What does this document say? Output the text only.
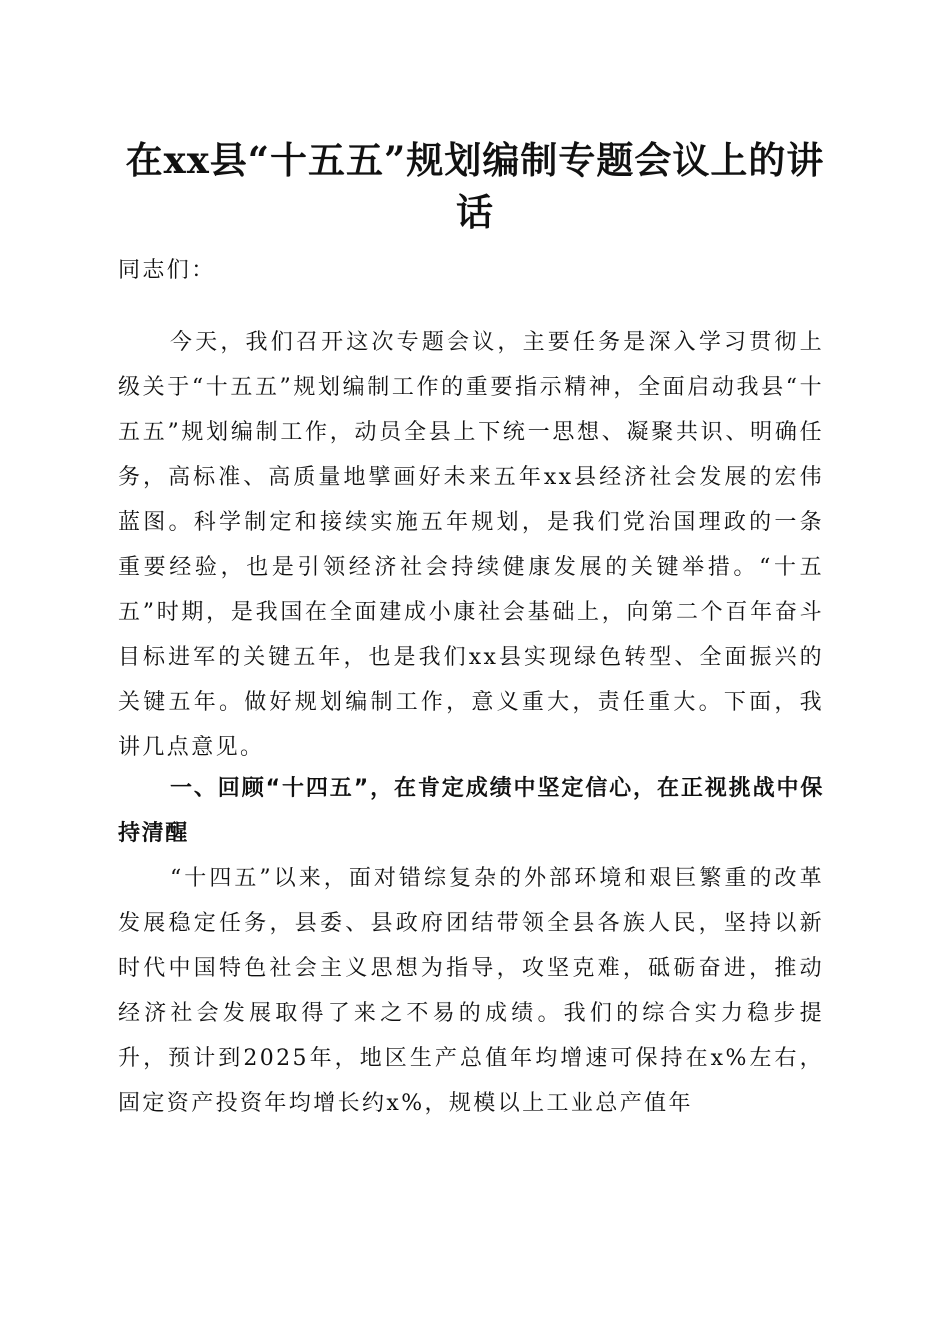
在xx县“十五五”规划编制专题会议上的讲话

同志们：

今天，我们召开这次专题会议，主要任务是深入学习贯彻上级关于“十五五”规划编制工作的重要指示精神，全面启动我县“十五五”规划编制工作，动员全县上下统一思想、凝聚共识、明确任务，高标准、高质量地擘画好未来五年xx县经济社会发展的宏伟蓝图。科学制定和接续实施五年规划，是我们党治国理政的一条重要经验，也是引领经济社会持续健康发展的关键举措。“十五五”时期，是我国在全面建成小康社会基础上，向第二个百年奋斗目标进军的关键五年，也是我们xx县实现绿色转型、全面振兴的关键五年。做好规划编制工作，意义重大，责任重大。下面，我讲几点意见。

一、回顾“十四五”，在肯定成绩中坚定信心，在正视挑战中保持清醒

“十四五”以来，面对错综复杂的外部环境和艰巨繁重的改革发展稳定任务，县委、县政府团结带领全县各族人民，坚持以新时代中国特色社会主义思想为指导，攻坚克难，砥砺奋进，推动经济社会发展取得了来之不易的成绩。我们的综合实力稳步提升，预计到2025年，地区生产总值年均增速可保持在x%左右，固定资产投资年均增长约x%，规模以上工业总产值年
